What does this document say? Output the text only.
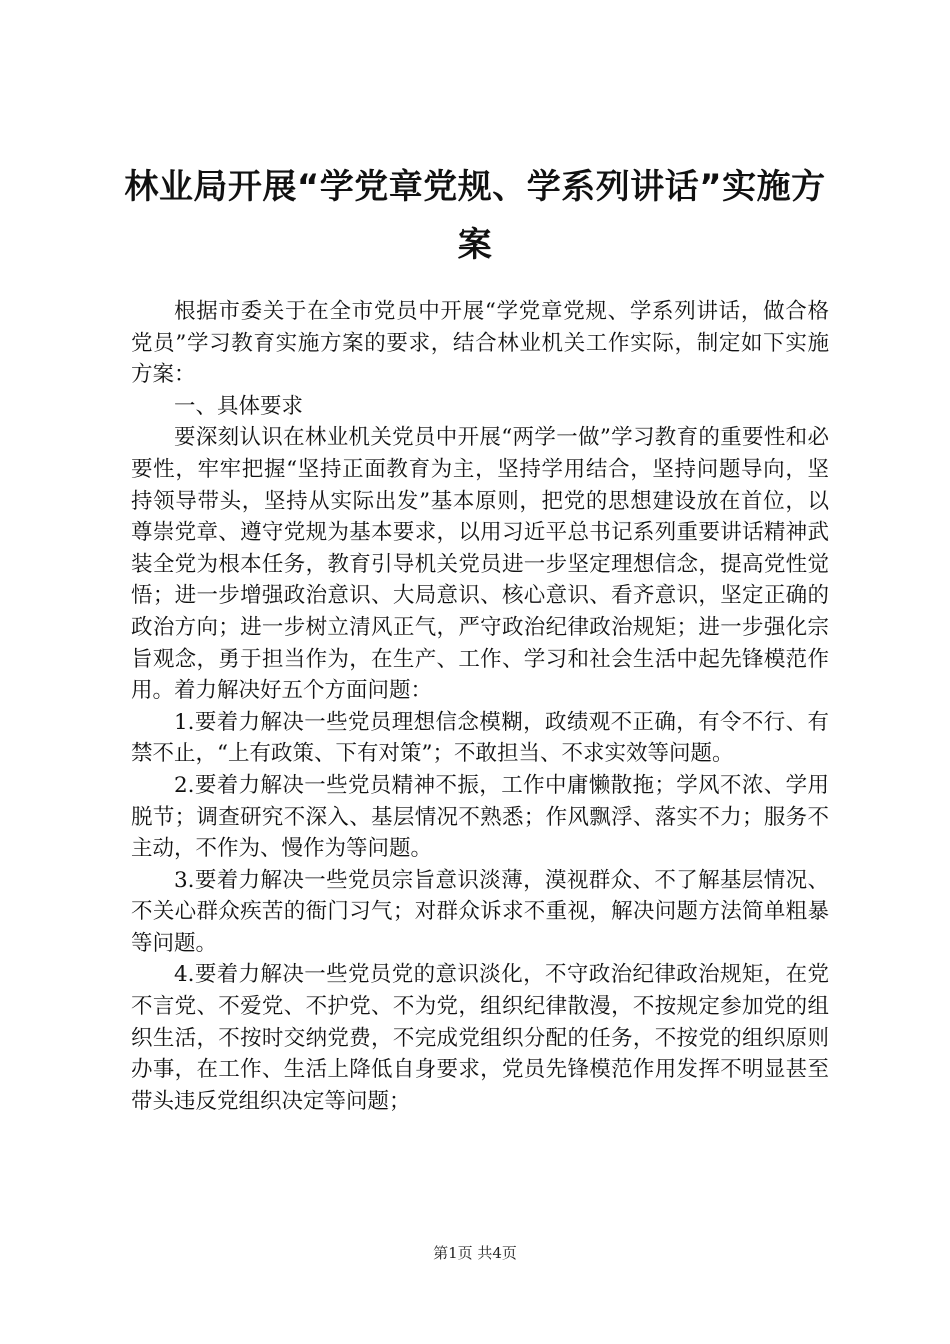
林业局开展“学党章党规、学系列讲话”实施方案

根据市委关于在全市党员中开展“学党章党规、学系列讲话，做合格党员”学习教育实施方案的要求，结合林业机关工作实际，制定如下实施方案：

一、具体要求

要深刻认识在林业机关党员中开展“两学一做”学习教育的重要性和必要性，牢牢把握“坚持正面教育为主，坚持学用结合，坚持问题导向，坚持领导带头，坚持从实际出发”基本原则，把党的思想建设放在首位，以尊崇党章、遵守党规为基本要求，以用习近平总书记系列重要讲话精神武装全党为根本任务，教育引导机关党员进一步坚定理想信念，提高党性觉悟；进一步增强政治意识、大局意识、核心意识、看齐意识，坚定正确的政治方向；进一步树立清风正气，严守政治纪律政治规矩；进一步强化宗旨观念，勇于担当作为，在生产、工作、学习和社会生活中起先锋模范作用。着力解决好五个方面问题：

1.要着力解决一些党员理想信念模糊，政绩观不正确，有令不行、有禁不止，“上有政策、下有对策”；不敢担当、不求实效等问题。

2.要着力解决一些党员精神不振，工作中庸懒散拖；学风不浓、学用脱节；调查研究不深入、基层情况不熟悉；作风飘浮、落实不力；服务不主动，不作为、慢作为等问题。

3.要着力解决一些党员宗旨意识淡薄，漠视群众、不了解基层情况、不关心群众疾苦的衙门习气；对群众诉求不重视，解决问题方法简单粗暴等问题。

4.要着力解决一些党员党的意识淡化，不守政治纪律政治规矩，在党不言党、不爱党、不护党、不为党，组织纪律散漫，不按规定参加党的组织生活，不按时交纳党费，不完成党组织分配的任务，不按党的组织原则办事，在工作、生活上降低自身要求，党员先锋模范作用发挥不明显甚至带头违反党组织决定等问题；

第1页 共4页
